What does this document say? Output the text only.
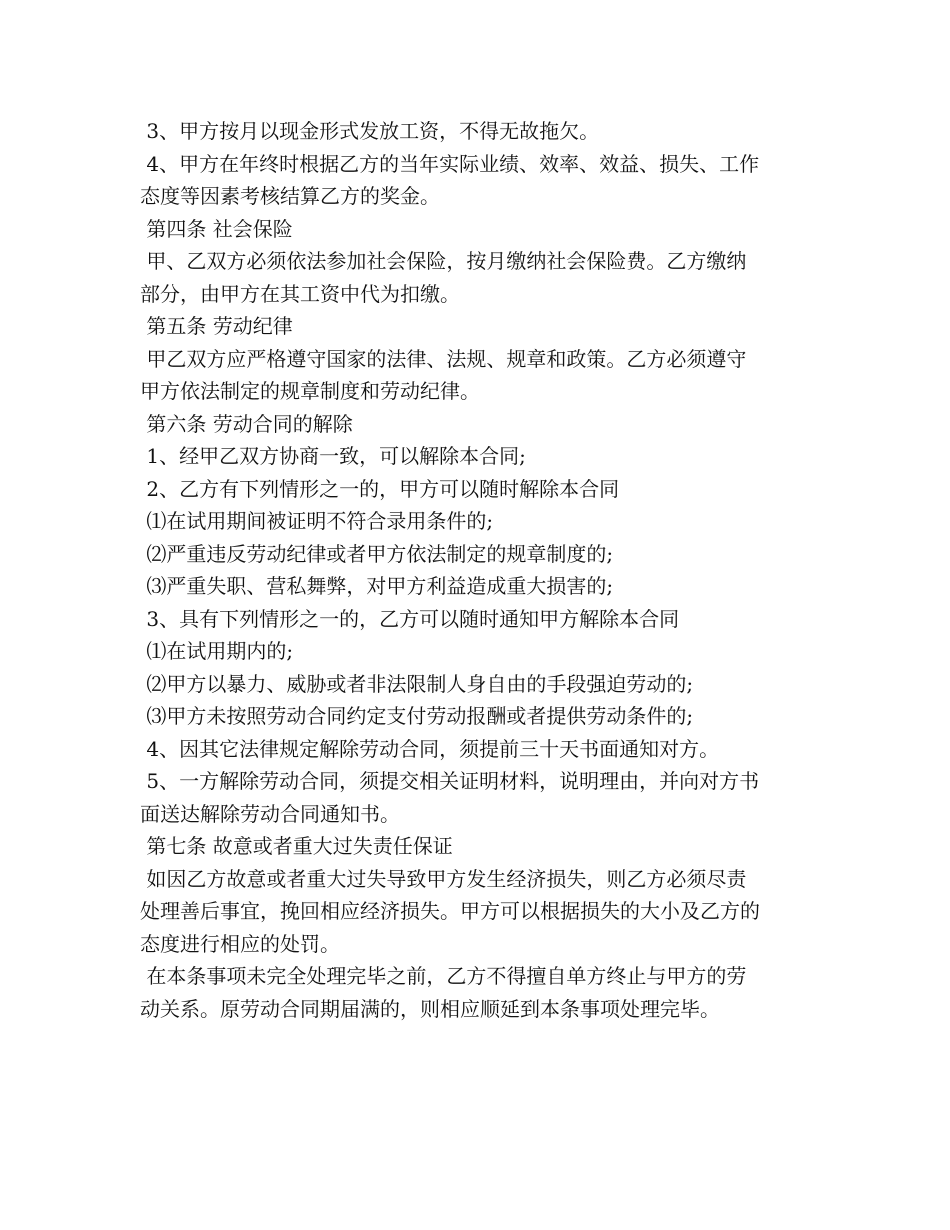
3、甲方按月以现金形式发放工资，不得无故拖欠。
4、甲方在年终时根据乙方的当年实际业绩、效率、效益、损失、工作
态度等因素考核结算乙方的奖金。
第四条 社会保险
甲、乙双方必须依法参加社会保险，按月缴纳社会保险费。乙方缴纳
部分，由甲方在其工资中代为扣缴。
第五条 劳动纪律
甲乙双方应严格遵守国家的法律、法规、规章和政策。乙方必须遵守
甲方依法制定的规章制度和劳动纪律。
第六条 劳动合同的解除
1、经甲乙双方协商一致，可以解除本合同;
2、乙方有下列情形之一的，甲方可以随时解除本合同
⑴在试用期间被证明不符合录用条件的;
⑵严重违反劳动纪律或者甲方依法制定的规章制度的;
⑶严重失职、营私舞弊，对甲方利益造成重大损害的;
3、具有下列情形之一的，乙方可以随时通知甲方解除本合同
⑴在试用期内的;
⑵甲方以暴力、威胁或者非法限制人身自由的手段强迫劳动的;
⑶甲方未按照劳动合同约定支付劳动报酬或者提供劳动条件的;
4、因其它法律规定解除劳动合同，须提前三十天书面通知对方。
5、一方解除劳动合同，须提交相关证明材料，说明理由，并向对方书
面送达解除劳动合同通知书。
第七条 故意或者重大过失责任保证
如因乙方故意或者重大过失导致甲方发生经济损失，则乙方必须尽责
处理善后事宜，挽回相应经济损失。甲方可以根据损失的大小及乙方的
态度进行相应的处罚。
在本条事项未完全处理完毕之前，乙方不得擅自单方终止与甲方的劳
动关系。原劳动合同期届满的，则相应顺延到本条事项处理完毕。
